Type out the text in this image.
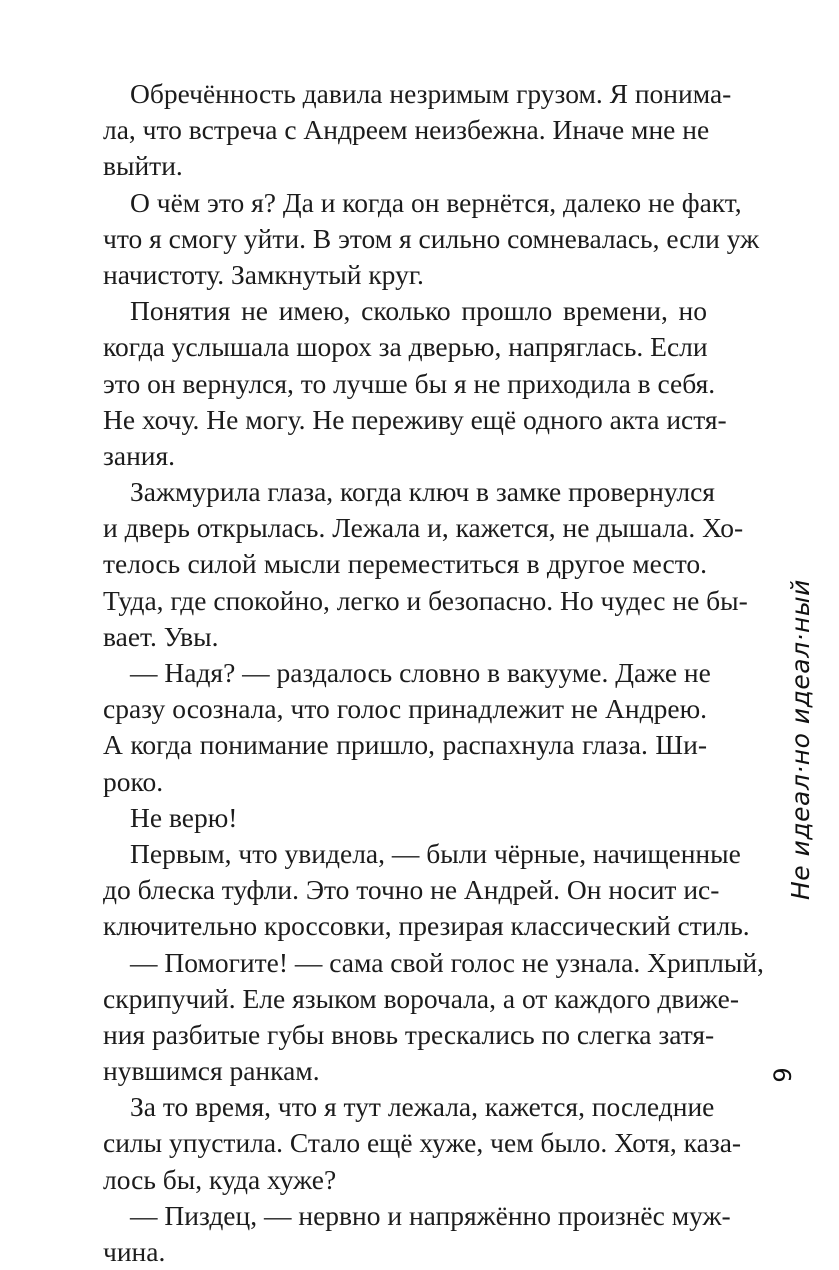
Обречённость давила незримым грузом. Я понима-
ла, что встреча с Андреем неизбежна. Иначе мне не
выйти.
О чём это я? Да и когда он вернётся, далеко не факт,
что я смогу уйти. В этом я сильно сомневалась, если уж
начистоту. Замкнутый круг.
Понятия не имею, сколько прошло времени, но
когда услышала шорох за дверью, напряглась. Если
это он вернулся, то лучше бы я не приходила в себя.
Не хочу. Не могу. Не переживу ещё одного акта истя-
зания.
Зажмурила глаза, когда ключ в замке провернулся
и дверь открылась. Лежала и, кажется, не дышала. Хо-
телось силой мысли переместиться в другое место.
Туда, где спокойно, легко и безопасно. Но чудес не бы-
вает. Увы.
— Надя? — раздалось словно в вакууме. Даже не
сразу осознала, что голос принадлежит не Андрею.
А когда понимание пришло, распахнула глаза. Ши-
роко.
Не верю!
Первым, что увидела, — были чёрные, начищенные
до блеска туфли. Это точно не Андрей. Он носит ис-
ключительно кроссовки, презирая классический стиль.
— Помогите! — сама свой голос не узнала. Хриплый,
скрипучий. Еле языком ворочала, а от каждого движе-
ния разбитые губы вновь трескались по слегка затя-
нувшимся ранкам.
За то время, что я тут лежала, кажется, последние
силы упустила. Стало ещё хуже, чем было. Хотя, каза-
лось бы, куда хуже?
— Пиздец, — нервно и напряжённо произнёс муж-
чина.
Не идеал·но идеал·ный
9
